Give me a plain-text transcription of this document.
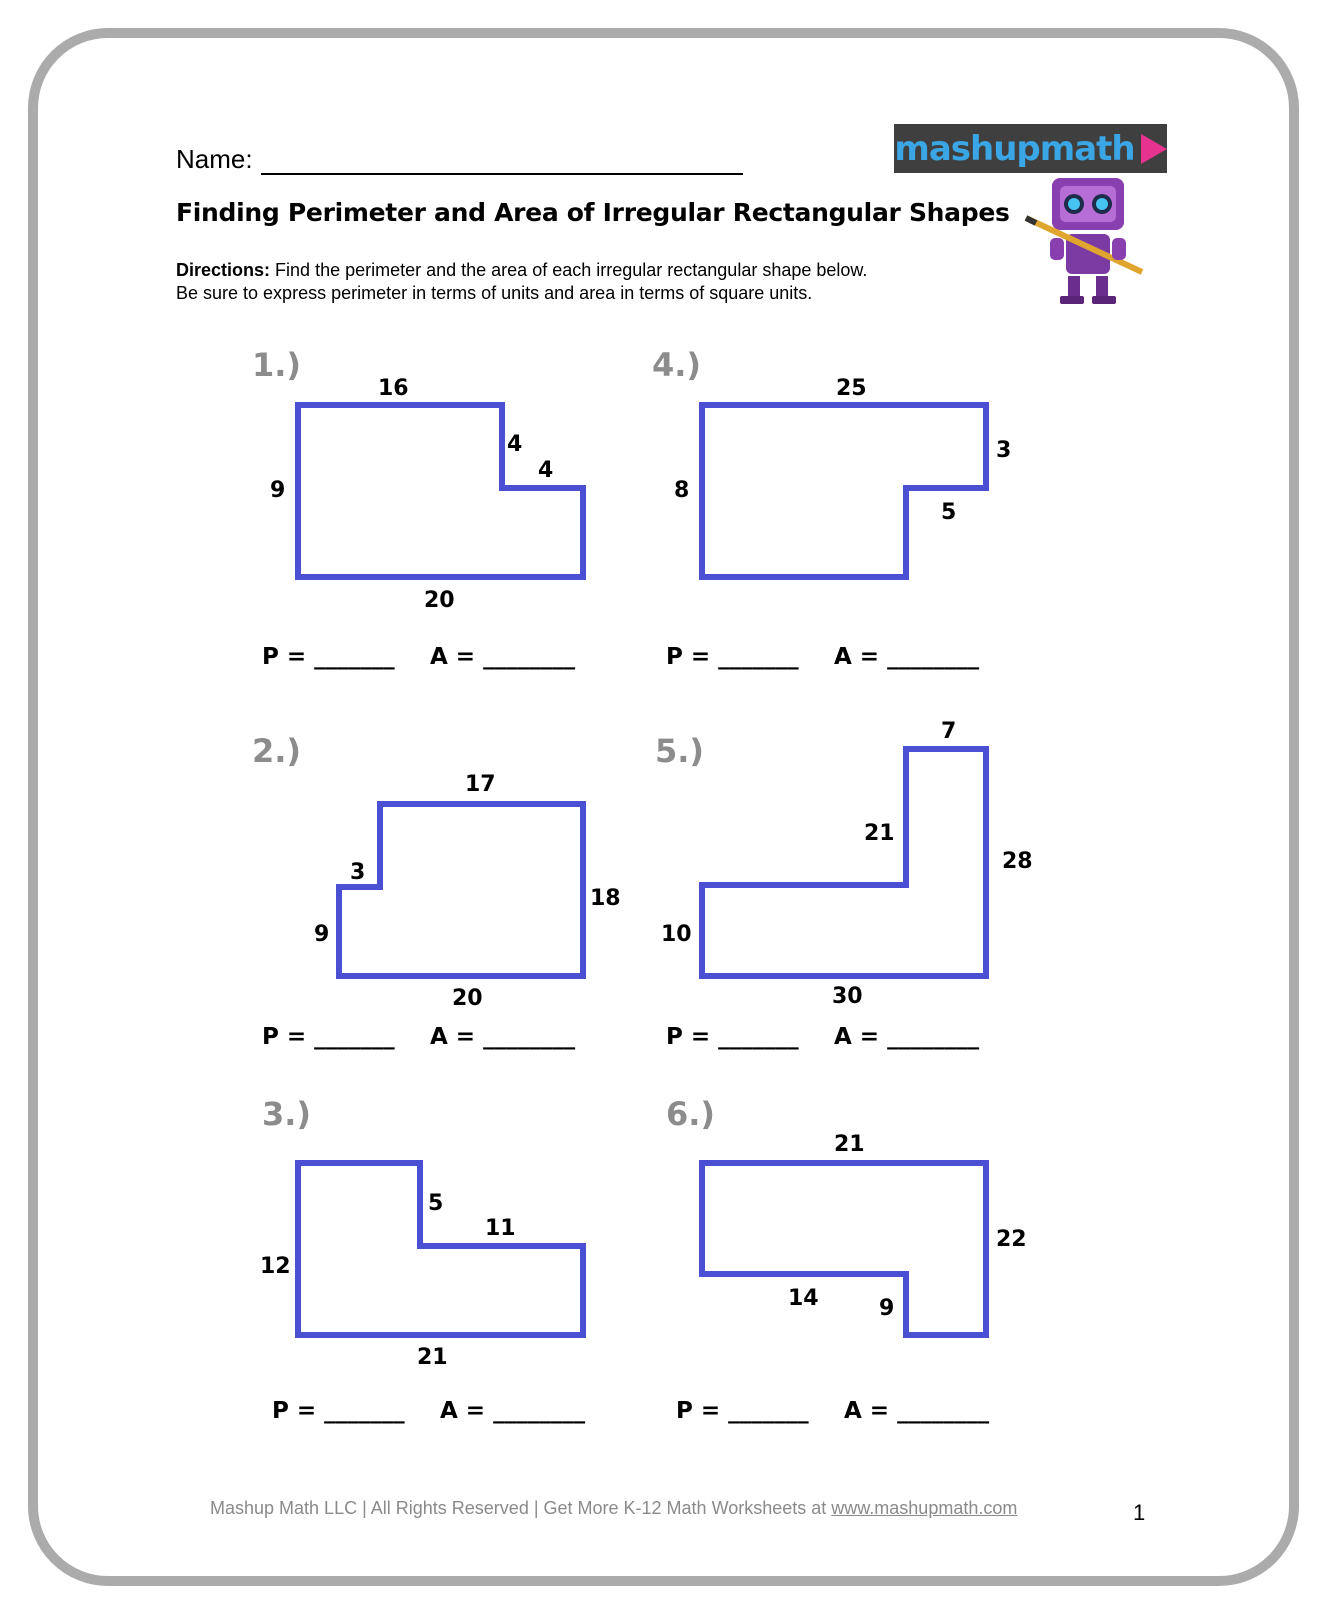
Name:	mashupmath
Finding Perimeter and Area of Irregular Rectangular Shapes
Directions: Find the perimeter and the area of each irregular rectangular shape below.
Be sure to express perimeter in terms of units and area in terms of square units.
1.)
16
4
4
9
20
P = _______ A = ________
2.)
17
3
9
18
20
P = _______ A = ________
3.)
5
11
12
21
P = _______ A = ________
4.)
25
3
8
5
P = _______ A = ________
5.)
7
21
28
10
30
P = _______ A = ________
6.)
21
22
14	9
P = _______ A = ________
Mashup Math LLC | All Rights Reserved | Get More K-12 Math Worksheets at www.mashupmath.com	1
